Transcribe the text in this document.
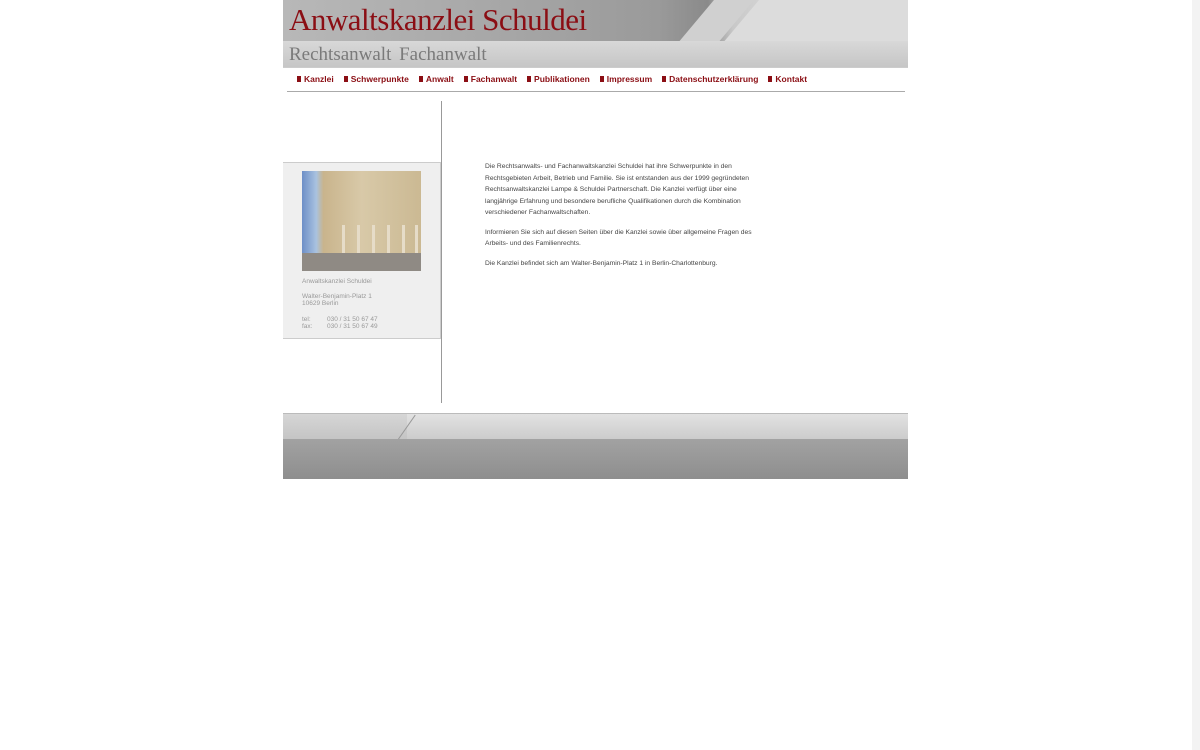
Anwaltskanzlei Schuldei
Rechtsanwalt Fachanwalt
Kanzlei Schwerpunkte Anwalt Fachanwalt Publikationen Impressum Datenschutzerklärung Kontakt
Anwaltskanzlei Schuldei
Walter-Benjamin-Platz 1
10629 Berlin
tel:	030 / 31 50 67 47
fax: 030 / 31 50 67 49

Die Rechtsanwalts- und Fachanwaltskanzlei Schuldei hat ihre Schwerpunkte in den Rechtsgebieten Arbeit, Betrieb und Familie. Sie ist entstanden aus der 1999 gegründeten Rechtsanwaltskanzlei Lampe & Schuldei Partnerschaft. Die Kanzlei verfügt über eine langjährige Erfahrung und besondere berufliche Qualifikationen durch die Kombination verschiedener Fachanwaltschaften.

Informieren Sie sich auf diesen Seiten über die Kanzlei sowie über allgemeine Fragen des Arbeits- und des Familienrechts.

Die Kanzlei befindet sich am Walter-Benjamin-Platz 1 in Berlin-Charlottenburg.
